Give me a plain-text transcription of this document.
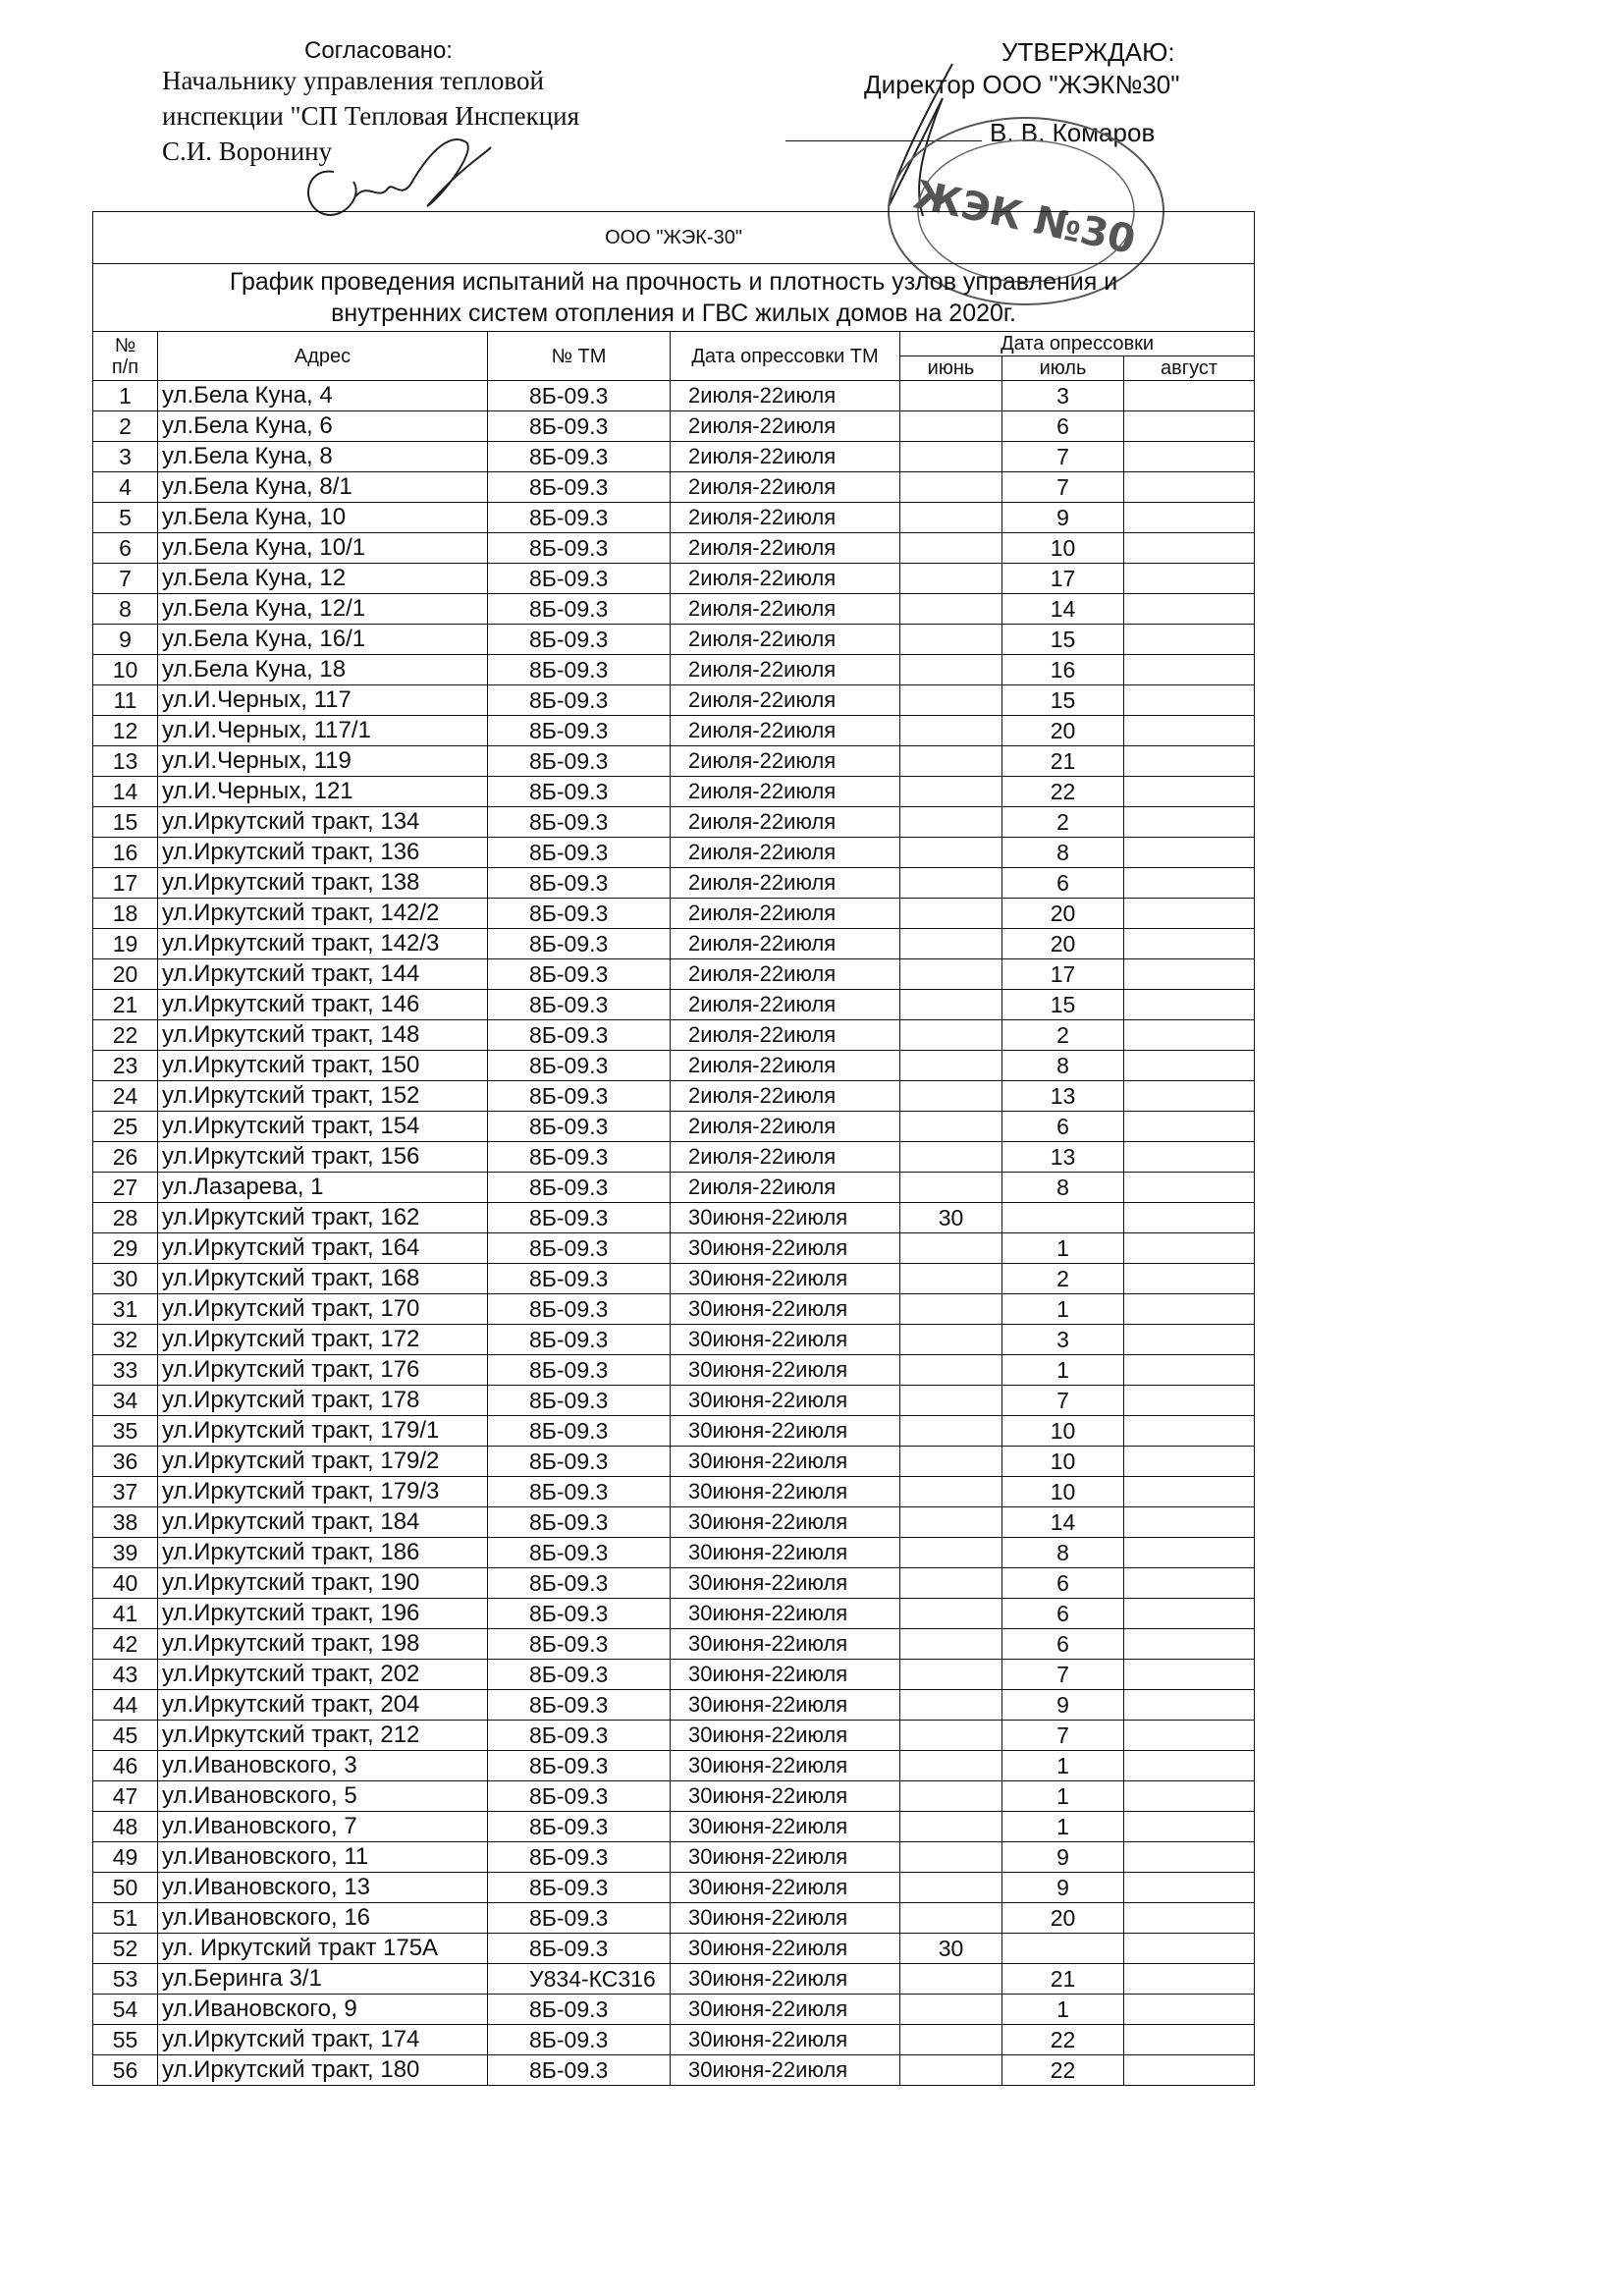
Согласовано:
Начальнику управления тепловой
инспекции "СП Тепловая Инспекция
С.И. Воронину
УТВЕРЖДАЮ:
Директор ООО "ЖЭК№30"
В. В. Комаров
ЖЭК №30
ООО "ЖЭК-30"						

График проведения испытаний на прочность и плотность узлов управления и
внутренних систем отопления и ГВС жилых домов на 2020г.						

№
п/п	Адрес	№ ТМ	Дата опрессовки ТМ	Дата опрессовки		
				июнь	июль	август
1	ул.Бела Куна, 4	8Б-09.3	2июля-22июля		3	
2	ул.Бела Куна, 6	8Б-09.3	2июля-22июля		6	
3	ул.Бела Куна, 8	8Б-09.3	2июля-22июля		7	
4	ул.Бела Куна, 8/1	8Б-09.3	2июля-22июля		7	
5	ул.Бела Куна, 10	8Б-09.3	2июля-22июля		9	
6	ул.Бела Куна, 10/1	8Б-09.3	2июля-22июля		10	
7	ул.Бела Куна, 12	8Б-09.3	2июля-22июля		17	
8	ул.Бела Куна, 12/1	8Б-09.3	2июля-22июля		14	
9	ул.Бела Куна, 16/1	8Б-09.3	2июля-22июля		15	
10	ул.Бела Куна, 18	8Б-09.3	2июля-22июля		16	
11	ул.И.Черных, 117	8Б-09.3	2июля-22июля		15	
12	ул.И.Черных, 117/1	8Б-09.3	2июля-22июля		20	
13	ул.И.Черных, 119	8Б-09.3	2июля-22июля		21	
14	ул.И.Черных, 121	8Б-09.3	2июля-22июля		22	
15	ул.Иркутский тракт, 134	8Б-09.3	2июля-22июля		2	
16	ул.Иркутский тракт, 136	8Б-09.3	2июля-22июля		8	
17	ул.Иркутский тракт, 138	8Б-09.3	2июля-22июля		6	
18	ул.Иркутский тракт, 142/2	8Б-09.3	2июля-22июля		20	
19	ул.Иркутский тракт, 142/3	8Б-09.3	2июля-22июля		20	
20	ул.Иркутский тракт, 144	8Б-09.3	2июля-22июля		17	
21	ул.Иркутский тракт, 146	8Б-09.3	2июля-22июля		15	
22	ул.Иркутский тракт, 148	8Б-09.3	2июля-22июля		2	
23	ул.Иркутский тракт, 150	8Б-09.3	2июля-22июля		8	
24	ул.Иркутский тракт, 152	8Б-09.3	2июля-22июля		13	
25	ул.Иркутский тракт, 154	8Б-09.3	2июля-22июля		6	
26	ул.Иркутский тракт, 156	8Б-09.3	2июля-22июля		13	
27	ул.Лазарева, 1	8Б-09.3	2июля-22июля		8	
28	ул.Иркутский тракт, 162	8Б-09.3	30июня-22июля	30		
29	ул.Иркутский тракт, 164	8Б-09.3	30июня-22июля		1	
30	ул.Иркутский тракт, 168	8Б-09.3	30июня-22июля		2	
31	ул.Иркутский тракт, 170	8Б-09.3	30июня-22июля		1	
32	ул.Иркутский тракт, 172	8Б-09.3	30июня-22июля		3	
33	ул.Иркутский тракт, 176	8Б-09.3	30июня-22июля		1	
34	ул.Иркутский тракт, 178	8Б-09.3	30июня-22июля		7	
35	ул.Иркутский тракт, 179/1	8Б-09.3	30июня-22июля		10	
36	ул.Иркутский тракт, 179/2	8Б-09.3	30июня-22июля		10	
37	ул.Иркутский тракт, 179/3	8Б-09.3	30июня-22июля		10	
38	ул.Иркутский тракт, 184	8Б-09.3	30июня-22июля		14	
39	ул.Иркутский тракт, 186	8Б-09.3	30июня-22июля		8	
40	ул.Иркутский тракт, 190	8Б-09.3	30июня-22июля		6	
41	ул.Иркутский тракт, 196	8Б-09.3	30июня-22июля		6	
42	ул.Иркутский тракт, 198	8Б-09.3	30июня-22июля		6	
43	ул.Иркутский тракт, 202	8Б-09.3	30июня-22июля		7	
44	ул.Иркутский тракт, 204	8Б-09.3	30июня-22июля		9	
45	ул.Иркутский тракт, 212	8Б-09.3	30июня-22июля		7	
46	ул.Ивановского, 3	8Б-09.3	30июня-22июля		1	
47	ул.Ивановского, 5	8Б-09.3	30июня-22июля		1	
48	ул.Ивановского, 7	8Б-09.3	30июня-22июля		1	
49	ул.Ивановского, 11	8Б-09.3	30июня-22июля		9	
50	ул.Ивановского, 13	8Б-09.3	30июня-22июля		9	
51	ул.Ивановского, 16	8Б-09.3	30июня-22июля		20	
52	ул. Иркутский тракт 175А	8Б-09.3	30июня-22июля	30		
53	ул.Беринга 3/1	У834-КС316	30июня-22июля		21	
54	ул.Ивановского, 9	8Б-09.3	30июня-22июля		1	
55	ул.Иркутский тракт, 174	8Б-09.3	30июня-22июля		22	
56	ул.Иркутский тракт, 180	8Б-09.3	30июня-22июля		22	
